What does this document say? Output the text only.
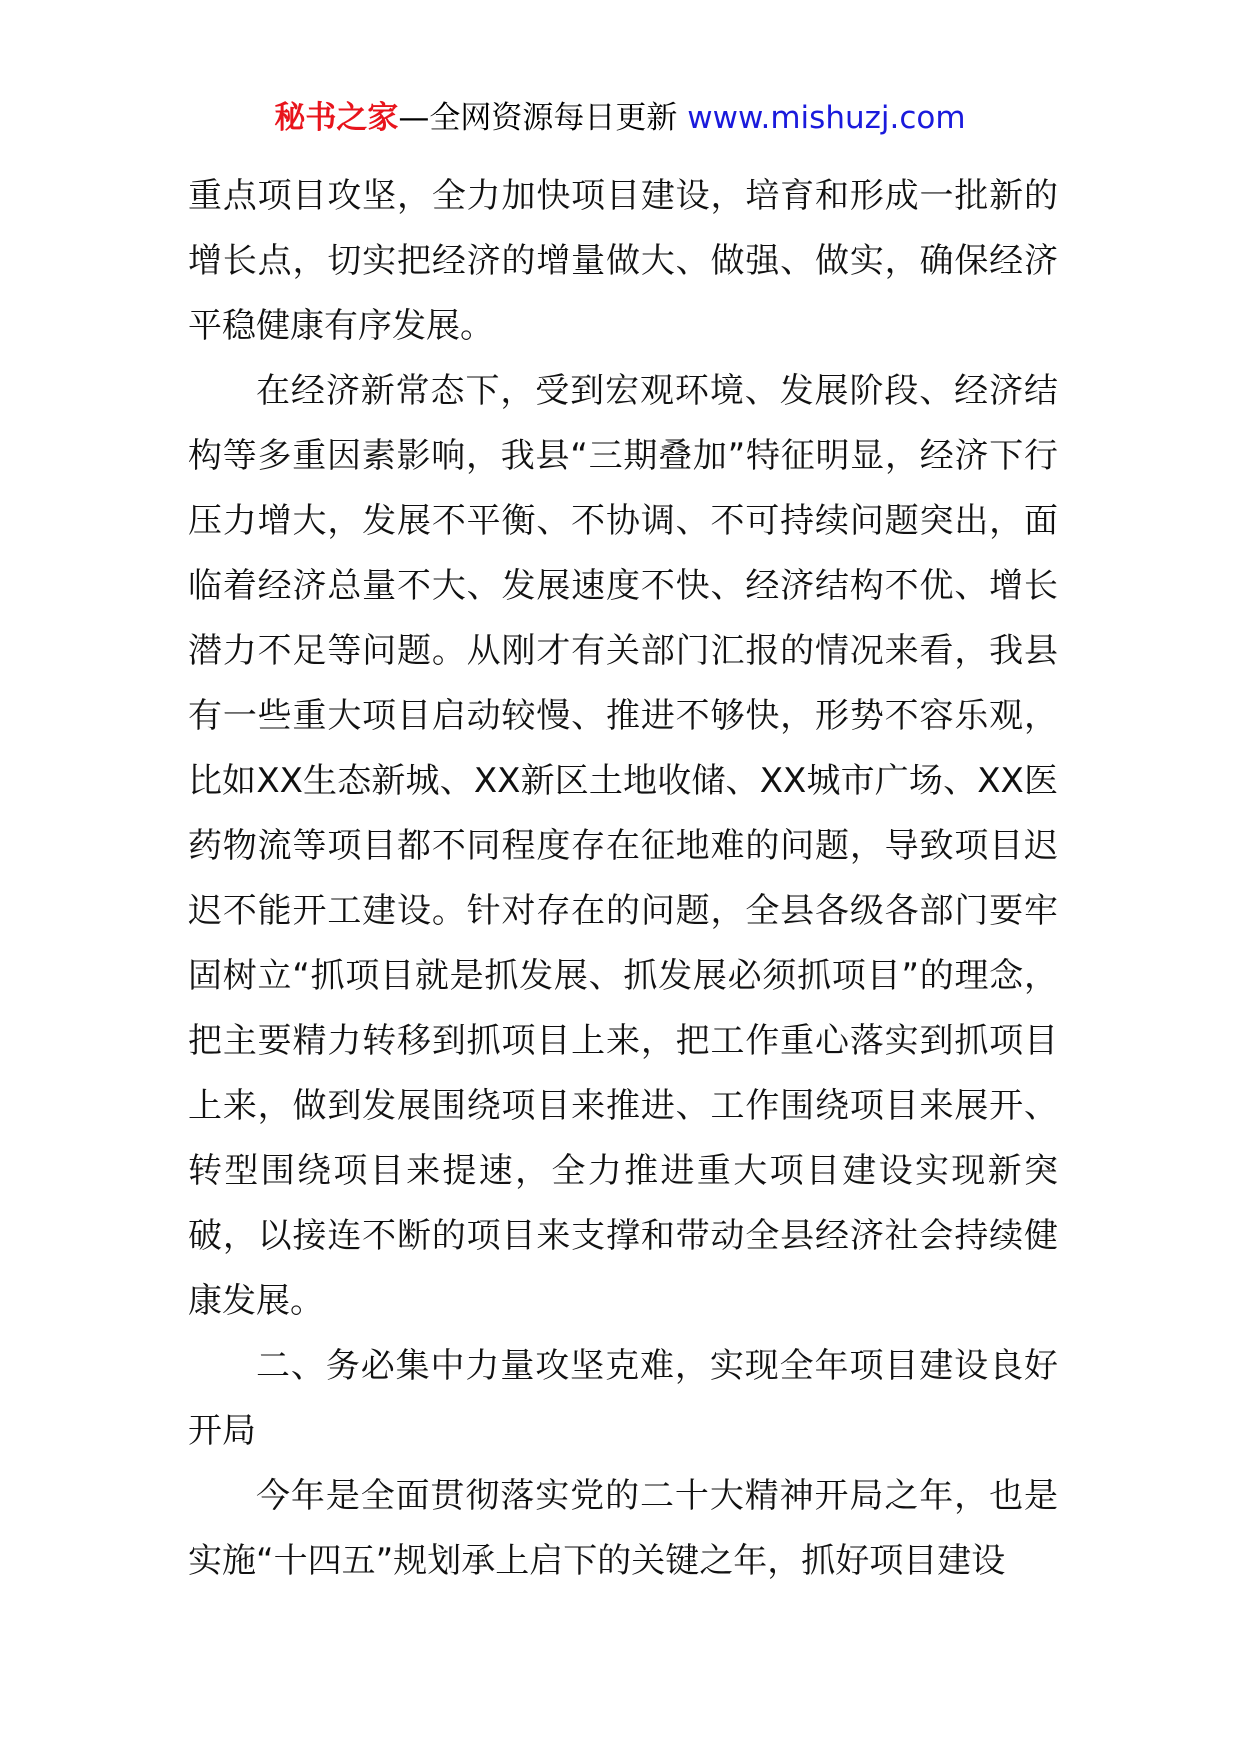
秘书之家—全网资源每日更新 www.mishuzj.com

重点项目攻坚，全力加快项目建设，培育和形成一批新的增长点，切实把经济的增量做大、做强、做实，确保经济平稳健康有序发展。

在经济新常态下，受到宏观环境、发展阶段、经济结构等多重因素影响，我县“三期叠加”特征明显，经济下行压力增大，发展不平衡、不协调、不可持续问题突出，面临着经济总量不大、发展速度不快、经济结构不优、增长潜力不足等问题。从刚才有关部门汇报的情况来看，我县有一些重大项目启动较慢、推进不够快，形势不容乐观，比如XX生态新城、XX新区土地收储、XX城市广场、XX医药物流等项目都不同程度存在征地难的问题，导致项目迟迟不能开工建设。针对存在的问题，全县各级各部门要牢固树立“抓项目就是抓发展、抓发展必须抓项目”的理念，把主要精力转移到抓项目上来，把工作重心落实到抓项目上来，做到发展围绕项目来推进、工作围绕项目来展开、转型围绕项目来提速，全力推进重大项目建设实现新突破，以接连不断的项目来支撑和带动全县经济社会持续健康发展。

二、务必集中力量攻坚克难，实现全年项目建设良好开局

今年是全面贯彻落实党的二十大精神开局之年，也是实施“十四五”规划承上启下的关键之年，抓好项目建设
